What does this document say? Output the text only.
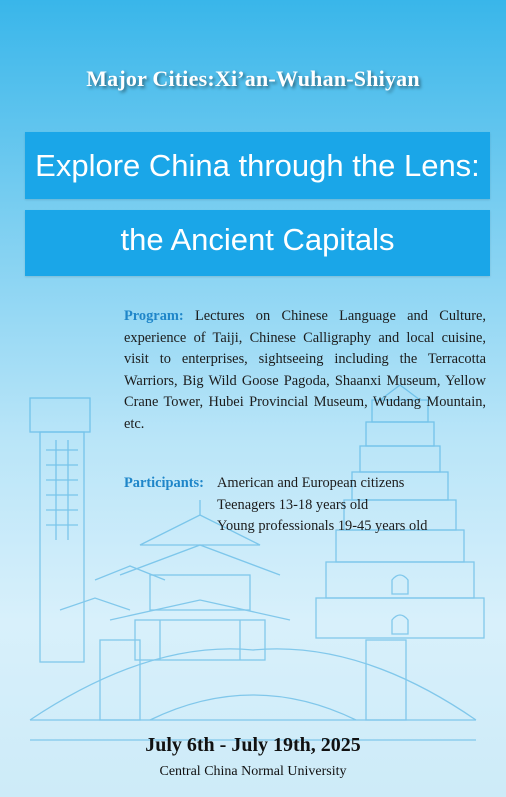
Major Cities:Xi’an-Wuhan-Shiyan
Explore China through the Lens:
the Ancient Capitals
Program: Lectures on Chinese Language and Culture, experience of Taiji, Chinese Calligraphy and local cuisine, visit to enterprises, sightseeing including the Terracotta Warriors, Big Wild Goose Pagoda, Shaanxi Museum, Yellow Crane Tower, Hubei Provincial Museum, Wudang Mountain, etc.
Participants: American and European citizens
Teenagers 13-18 years old
Young professionals 19-45 years old
July 6th - July 19th, 2025
Central China Normal University
